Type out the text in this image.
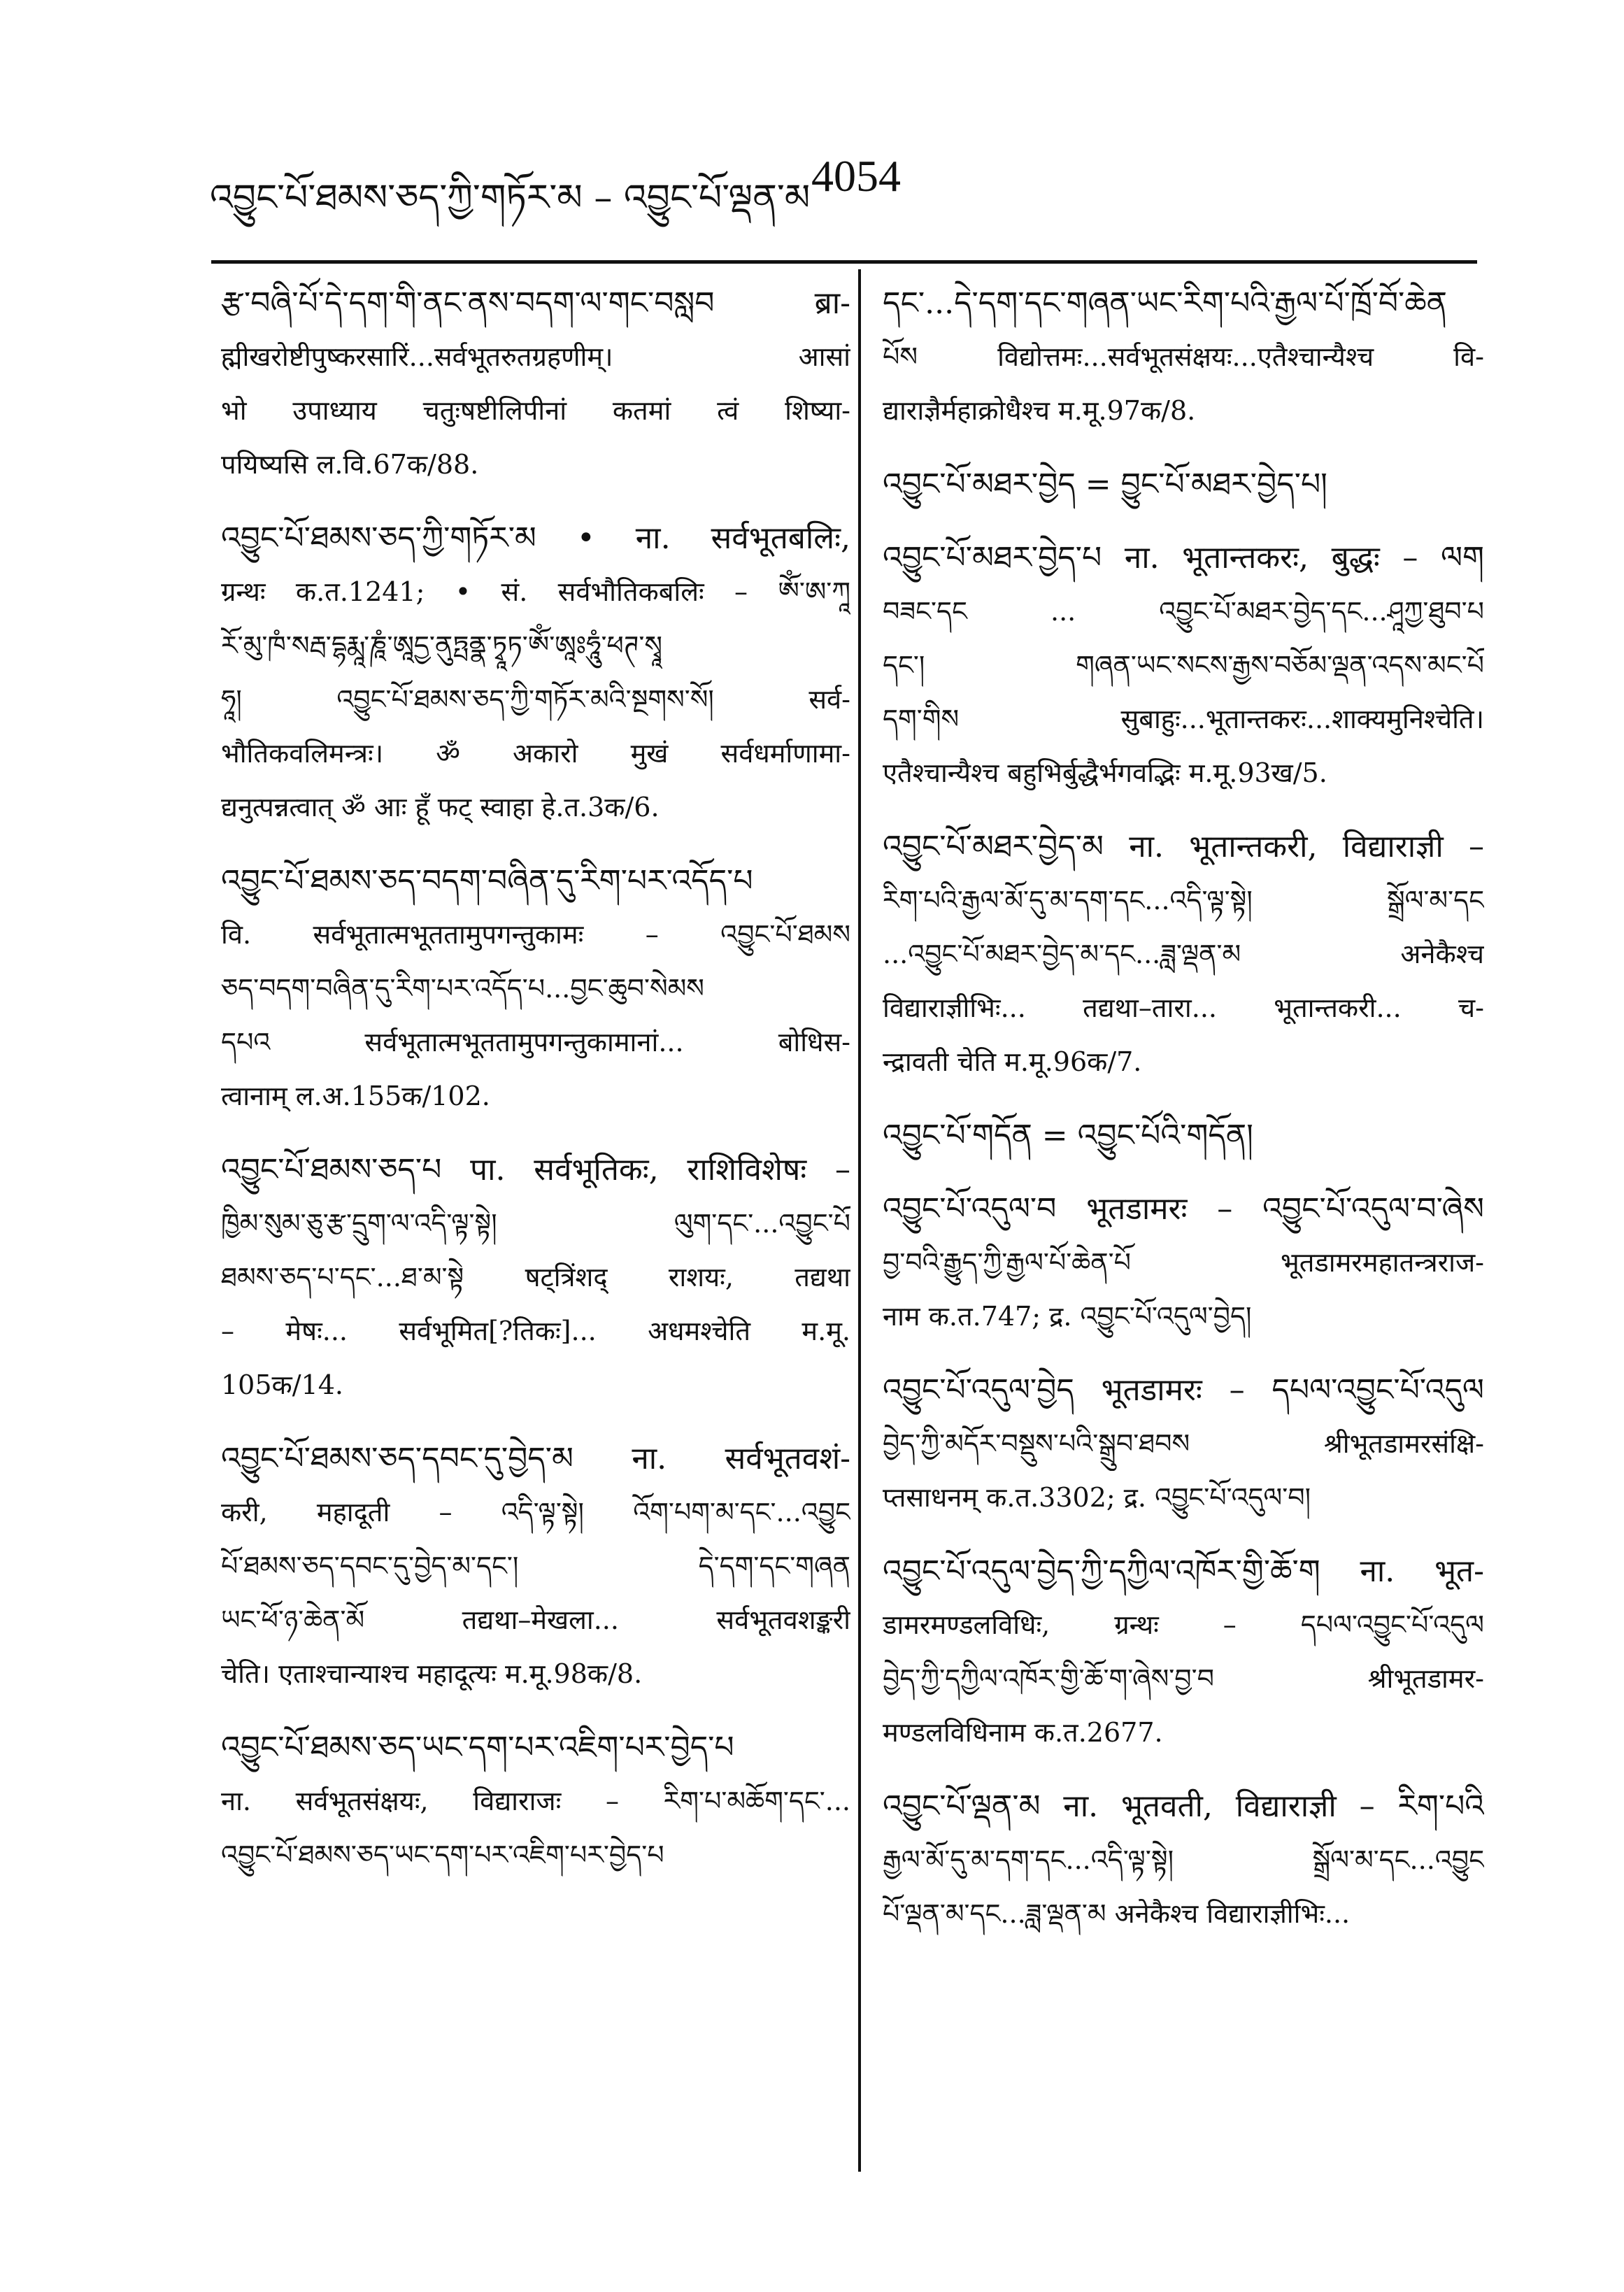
འབྱུང་པོ་ཐམས་ཅད་ཀྱི་གཏོར་མ – འབྱུང་པོ་ལྡན་མ 4054
རྩ་བཞི་པོ་དེ་དག་གི་ནང་ནས་བདག་ལ་གང་བསླབ ब्रा-
ह्मीखरोष्टीपुष्करसारिं...सर्वभूतरुतग्रहणीम्। आसां
भो उपाध्याय चतुःषष्टीलिपीनां कतमां त्वं शिष्या-
पयिष्यसि ल.वि.67क/88.
འབྱུང་པོ་ཐམས་ཅད་ཀྱི་གཏོར་མ • ना. सर्वभूतबलिः,
ग्रन्थः क.त.1241; • सं. सर्वभौतिकबलिः – ཨོཾ་ཨ་ཀཱ
རོ་མུ་ཁཾ་སརྦ་དྷརྨཱ་ཎཱཾ་ཨཱདྱ་ནུཏྤནྣ་ཏྭཱཏ་ཨོཾ་ཨཱཿཧཱུཾ་ཕཊ་སྭཱ
ཧཱ། འབྱུང་པོ་ཐམས་ཅད་ཀྱི་གཏོར་མའི་སྔགས་སོ། सर्व-
भौतिकवलिमन्त्रः। ॐ अकारो मुखं सर्वधर्माणामा-
द्यनुत्पन्नत्वात् ॐ आः हूँ फट् स्वाहा हे.त.3क/6.
འབྱུང་པོ་ཐམས་ཅད་བདག་བཞིན་དུ་རིག་པར་འདོད་པ
वि. सर्वभूतात्मभूततामुपगन्तुकामः – འབྱུང་པོ་ཐམས
ཅད་བདག་བཞིན་དུ་རིག་པར་འདོད་པ...བྱང་ཆུབ་སེམས
དཔའ सर्वभूतात्मभूततामुपगन्तुकामानां... बोधिस-
त्वानाम् ल.अ.155क/102.
འབྱུང་པོ་ཐམས་ཅད་པ पा. सर्वभूतिकः, राशिविशेषः –
ཁྱིམ་སུམ་ཅུ་རྩ་དྲུག་ལ་འདི་ལྟ་སྟེ། ལུག་དང་...འབྱུང་པོ
ཐམས་ཅད་པ་དང་...ཐ་མ་སྟེ षट्त्रिंशद् राशयः, तद्यथा
– मेषः... सर्वभूमित[?तिकः]... अधमश्चेति म.मू.
105क/14.
འབྱུང་པོ་ཐམས་ཅད་དབང་དུ་བྱེད་མ ना. सर्वभूतवशं-
करी, महादूती – འདི་ལྟ་སྟེ། འོག་པག་མ་དང་...འབྱུང
པོ་ཐམས་ཅད་དབང་དུ་བྱེད་མ་དང་། དེ་དག་དང་གཞན
ཡང་ཕོ་ཉ་ཆེན་མོ तद्यथा–मेखला... सर्वभूतवशङ्करी
चेति। एताश्चान्याश्च महादूत्यः म.मू.98क/8.
འབྱུང་པོ་ཐམས་ཅད་ཡང་དག་པར་འཇིག་པར་བྱེད་པ
ना. सर्वभूतसंक्षयः, विद्याराजः – རིག་པ་མཆོག་དང་...
འབྱུང་པོ་ཐམས་ཅད་ཡང་དག་པར་འཇིག་པར་བྱེད་པ
དང་...དེ་དག་དང་གཞན་ཡང་རིག་པའི་རྒྱལ་པོ་ཁྲོ་བོ་ཆེན
པོས विद्योत्तमः...सर्वभूतसंक्षयः...एतैश्चान्यैश्च वि-
द्याराज्ञैर्महाक्रोधैश्च म.मू.97क/8.
འབྱུང་པོ་མཐར་བྱེད = བྱུང་པོ་མཐར་བྱེད་པ།
འབྱུང་པོ་མཐར་བྱེད་པ ना. भूतान्तकरः, बुद्धः – ལག
བཟང་དང ... འབྱུང་པོ་མཐར་བྱེད་དང...ཤཱཀྱ་ཐུབ་པ
དང་། གཞན་ཡང་སངས་རྒྱས་བཅོམ་ལྡན་འདས་མང་པོ
དག་གིས सुबाहुः...भूतान्तकरः...शाक्यमुनिश्चेति।
एतैश्चान्यैश्च बहुभिर्बुद्धैर्भगवद्भिः म.मू.93ख/5.
འབྱུང་པོ་མཐར་བྱེད་མ ना. भूतान्तकरी, विद्याराज्ञी –
རིག་པའི་རྒྱལ་མོ་དུ་མ་དག་དང...འདི་ལྟ་སྟེ། སྒྲོལ་མ་དང
...འབྱུང་པོ་མཐར་བྱེད་མ་དང...ཟླ་ལྡན་མ अनेकैश्च
विद्याराज्ञीभिः... तद्यथा–तारा... भूतान्तकरी... च-
न्द्रावती चेति म.मू.96क/7.
འབྱུང་པོ་གདོན = འབྱུང་པོའི་གདོན།
འབྱུང་པོ་འདུལ་བ भूतडामरः – འབྱུང་པོ་འདུལ་བ་ཞེས
བྱ་བའི་རྒྱུད་ཀྱི་རྒྱལ་པོ་ཆེན་པོ भूतडामरमहातन्त्रराज-
नाम क.त.747; द्र. འབྱུང་པོ་འདུལ་བྱེད།
འབྱུང་པོ་འདུལ་བྱེད भूतडामरः – དཔལ་འབྱུང་པོ་འདུལ
བྱེད་ཀྱི་མདོར་བསྡུས་པའི་སྒྲུབ་ཐབས श्रीभूतडामरसंक्षि-
प्तसाधनम् क.त.3302; द्र. འབྱུང་པོ་འདུལ་བ།
འབྱུང་པོ་འདུལ་བྱེད་ཀྱི་དཀྱིལ་འཁོར་གྱི་ཆོ་ག ना. भूत-
डामरमण्डलविधिः, ग्रन्थः – དཔལ་འབྱུང་པོ་འདུལ
བྱེད་ཀྱི་དཀྱིལ་འཁོར་གྱི་ཆོ་ག་ཞེས་བྱ་བ श्रीभूतडामर-
मण्डलविधिनाम क.त.2677.
འབྱུང་པོ་ལྡན་མ ना. भूतवती, विद्याराज्ञी – རིག་པའི
རྒྱལ་མོ་དུ་མ་དག་དང...འདི་ལྟ་སྟེ། སྒྲོལ་མ་དང...འབྱུང
པོ་ལྡན་མ་དང...ཟླ་ལྡན་མ अनेकैश्च विद्याराज्ञीभिः...
